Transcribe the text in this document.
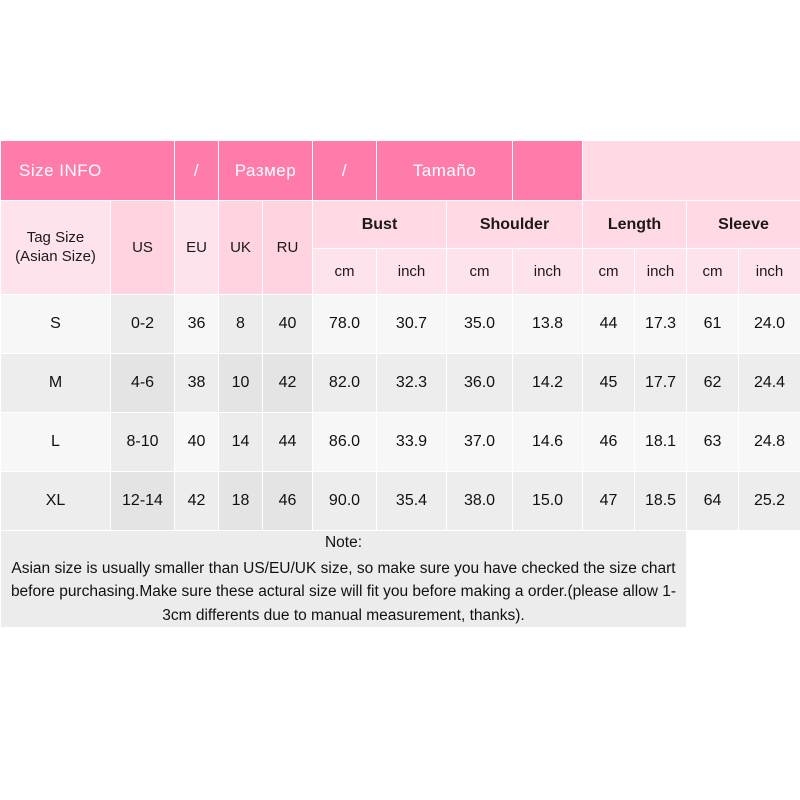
Size INFO		/	Размер		/	Tamaño						

Tag Size
(Asian Size)	US	EU	UK	RU	Bust		Shoulder		Length		Sleeve	
					cm	inch	cm	inch	cm	inch	cm	inch
S	0-2	36	8	40	78.0	30.7	35.0	13.8	44	17.3	61	24.0
M	4-6	38	10	42	82.0	32.3	36.0	14.2	45	17.7	62	24.4
L	8-10	40	14	44	86.0	33.9	37.0	14.6	46	18.1	63	24.8
XL	12-14	42	18	46	90.0	35.4	38.0	15.0	47	18.5	64	25.2

Note:

Asian size is usually smaller than US/EU/UK size, so make sure you have checked the size chart before purchasing.Make sure these actural size will fit you before making a order.(please allow 1-3cm differents due to manual measurement, thanks).												
